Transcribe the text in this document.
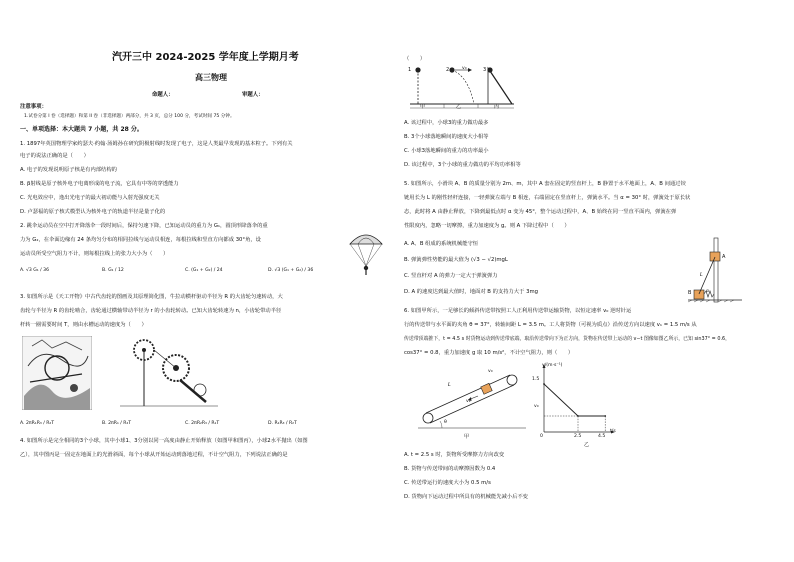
汽开三中 2024-2025 学年度上学期月考
高三物理
命题人：	审题人：
注意事项：
1.试卷分第 I 卷（选择题）和第 II 卷（非选择题）两部分，共 3 页，总分 100 分，考试时间 75 分钟。
一、单项选择：本大题共 7 小题，共 28 分。
1. 1897年英国物理学家约瑟夫·约翰·汤姆孙在研究阴极射线时发现了电子，这是人类最早发现的基本粒子。下列有关
电子的说法正确的是（　　）
A. 电子的发现说明原子核是有内部结构的
B. β射线是原子核外电子电离形成的电子流，它具有中等的穿透能力
C. 光电效应中，逸出光电子的最大初动能与入射光强度无关
D. 卢瑟福的原子核式模型认为核外电子的轨道半径是量子化的
2. 跳伞运动员在空中打开降落伞一段时间后，保持匀速下降，已知运动员的重力为 G₁，圆顶形降落伞的重
力为 G₂，在伞面边缘有 24 条均匀分布的相同拉线与运动员相连，每根拉线和竖直方向都成 30°角，设
运动员所受空气阻力不计，则每根拉线上的张力大小为（　　）
A. √3 G₁ / 36	B. G₁ / 12	C. (G₁ + G₂) / 24	D. √3 (G₁ + G₂) / 36
3. 如图所示是《天工开物》中古代齿轮的图画及其原理简化图，牛拉动横杆驱动半径为 R 的大齿轮匀速转动，大
齿轮与半径为 R 的齿轮啮合，齿轮通过横轴带动半径为 r 的小齿轮转动。已知大齿轮转速为 n，小齿轮带动半径
杆转一圈需要时间 T，则由水槽运动的速度为（　　）
A. 2πR₁R₃ / R₂T	B. 2πR₁ / R₂T	C. 2πR₂R₃ / R₁T	D. R₁R₃ / R₂T
4. 如图所示是完全相同的3个小球，其中小球1、3分别以同一高度由静止开始释放（如图甲和图丙），小球2水平抛出（如图
乙），其中图丙是一固定在地面上的光滑斜面，每个小球从开始运动到落地过程，不计空气阻力，下列说法正确的是
（　　）
1	2	v₀	3
甲	乙	丙
A. 该过程中，小球3的重力做功最多
B. 3个小球落地瞬间的速度大小相等
C. 小球3落地瞬间的重力的功率最小
D. 该过程中，3个小球的重力做功的平均功率相等
5. 如图所示，小滑块 A、B 的质量分别为 2m、m，其中 A 套在固定的竖直杆上，B 静置于水平地面上，A、B 间通过铰
链用长为 L 的刚性轻杆连接，一轻弹簧左端与 B 相连，右端固定在竖直杆上，弹簧水平。当 α = 30° 时，弹簧处于原长状
态，此时将 A 由静止释放，下降到最低点时 α 变为 45°，整个运动过程中，A、B 始终在同一竖直平面内，弹簧在弹
性限度内，忽略一切摩擦，重力加速度为 g。则 A 下降过程中（　　）
A. A、B 组成的系统机械能守恒
B. 弹簧弹性势能的最大值为 (√3 − √2)mgL
C. 竖直杆对 A 的弹力一定大于弹簧弹力
D. A 的速度达到最大值时，地面对 B 的支持力大于 3mg
A
B
L
α
6. 如图甲所示，一足够长的倾斜传送带按照工人正利用传送带运输货物，以恒定速率 v₀ 逆时针运
行的传送带与水平面的夹角 θ = 37°，转轴间距 L = 3.5 m。工人将货物（可视为质点）沿传送方向以速度 v₁ = 1.5 m/s 从
传送带顶端推下，t = 4.5 s 时货物运动到传送带底端，取沿传送带向下为正方向，货物在传送带上运动的 v−t 图像如图乙所示，已知 sin37° = 0.6，
cos37° = 0.8，重力加速度 g 取 10 m/s²，不计空气阻力，则（　　）
L
v₀
v₁
θ
甲
v/(m·s⁻¹)
t/s
1.5
v₀
0	2.5	4.5
乙
A. t = 2.5 s 时，货物所受摩擦力方向改变
B. 货物与传送带间的动摩擦因数为 0.4
C. 传送带运行的速度大小为 0.5 m/s
D. 货物向下运动过程中所具有的机械能先减小后不变
